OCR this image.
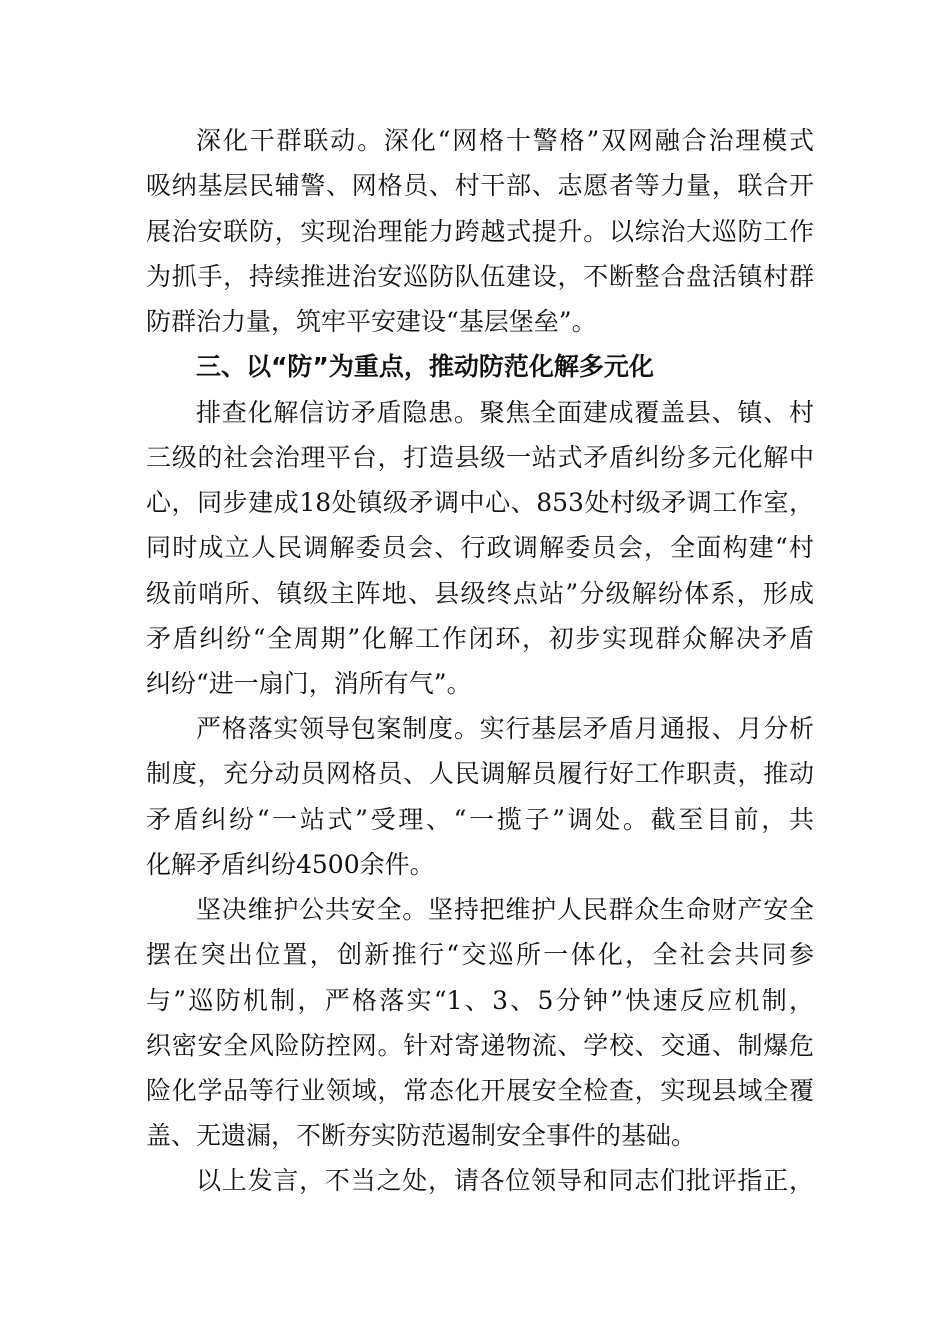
深化干群联动。深化“网格十警格”双网融合治理模式
吸纳基层民辅警、网格员、村干部、志愿者等力量，联合开
展治安联防，实现治理能力跨越式提升。以综治大巡防工作
为抓手，持续推进治安巡防队伍建设，不断整合盘活镇村群
防群治力量，筑牢平安建设“基层堡垒”。
三、以“防”为重点，推动防范化解多元化
排查化解信访矛盾隐患。聚焦全面建成覆盖县、镇、村
三级的社会治理平台，打造县级一站式矛盾纠纷多元化解中
心，同步建成18处镇级矛调中心、853处村级矛调工作室，
同时成立人民调解委员会、行政调解委员会，全面构建“村
级前哨所、镇级主阵地、县级终点站”分级解纷体系，形成
矛盾纠纷“全周期”化解工作闭环，初步实现群众解决矛盾
纠纷“进一扇门，消所有气”。
严格落实领导包案制度。实行基层矛盾月通报、月分析
制度，充分动员网格员、人民调解员履行好工作职责，推动
矛盾纠纷“一站式”受理、“一揽子”调处。截至目前，共
化解矛盾纠纷4500余件。
坚决维护公共安全。坚持把维护人民群众生命财产安全
摆在突出位置，创新推行“交巡所一体化，全社会共同参
与”巡防机制，严格落实“1、3、5分钟”快速反应机制，
织密安全风险防控网。针对寄递物流、学校、交通、制爆危
险化学品等行业领域，常态化开展安全检查，实现县域全覆
盖、无遗漏，不断夯实防范遏制安全事件的基础。
以上发言，不当之处，请各位领导和同志们批评指正，
